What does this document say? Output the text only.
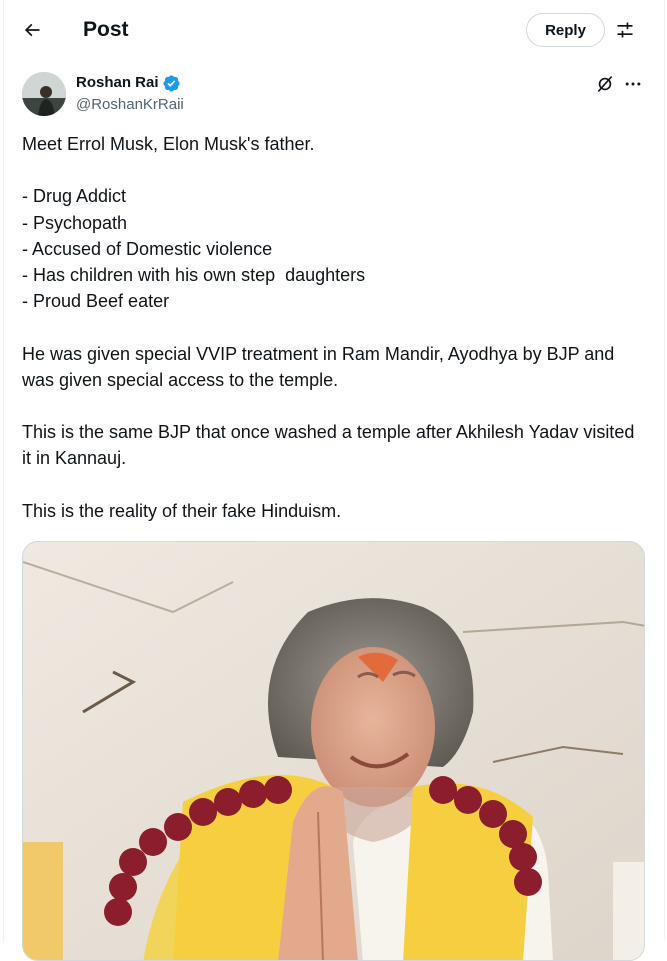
Post	Reply
Roshan Rai
@RoshanKrRaii
Meet Errol Musk, Elon Musk's father.

- Drug Addict
- Psychopath
- Accused of Domestic violence
- Has children with his own step  daughters
- Proud Beef eater

He was given special VVIP treatment in Ram Mandir, Ayodhya by BJP and was given special access to the temple.

This is the same BJP that once washed a temple after Akhilesh Yadav visited it in Kannauj.

This is the reality of their fake Hinduism.
